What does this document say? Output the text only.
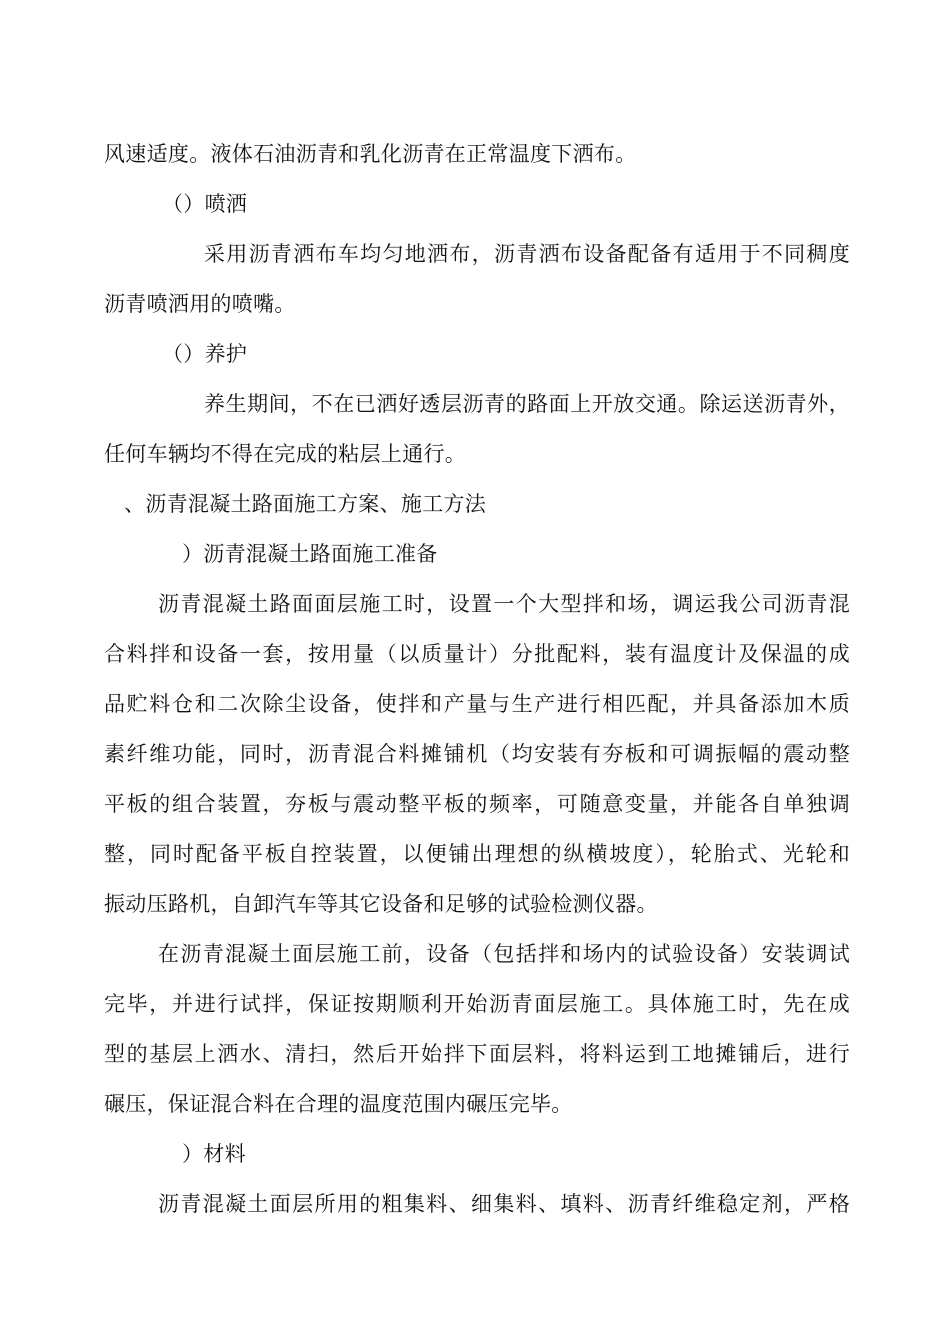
风速适度。液体石油沥青和乳化沥青在正常温度下洒布。
（）喷洒
采用沥青洒布车均匀地洒布，沥青洒布设备配备有适用于不同稠度
沥青喷洒用的喷嘴。
（）养护
养生期间，不在已洒好透层沥青的路面上开放交通。除运送沥青外，
任何车辆均不得在完成的粘层上通行。
、沥青混凝土路面施工方案、施工方法
）沥青混凝土路面施工准备
沥青混凝土路面面层施工时，设置一个大型拌和场，调运我公司沥青混
合料拌和设备一套，按用量（以质量计）分批配料，装有温度计及保温的成
品贮料仓和二次除尘设备，使拌和产量与生产进行相匹配，并具备添加木质
素纤维功能，同时，沥青混合料摊铺机（均安装有夯板和可调振幅的震动整
平板的组合装置，夯板与震动整平板的频率，可随意变量，并能各自单独调
整，同时配备平板自控装置，以便铺出理想的纵横坡度），轮胎式、光轮和
振动压路机，自卸汽车等其它设备和足够的试验检测仪器。
在沥青混凝土面层施工前，设备（包括拌和场内的试验设备）安装调试
完毕，并进行试拌，保证按期顺利开始沥青面层施工。具体施工时，先在成
型的基层上洒水、清扫，然后开始拌下面层料，将料运到工地摊铺后，进行
碾压，保证混合料在合理的温度范围内碾压完毕。
）材料
沥青混凝土面层所用的粗集料、细集料、填料、沥青纤维稳定剂，严格
